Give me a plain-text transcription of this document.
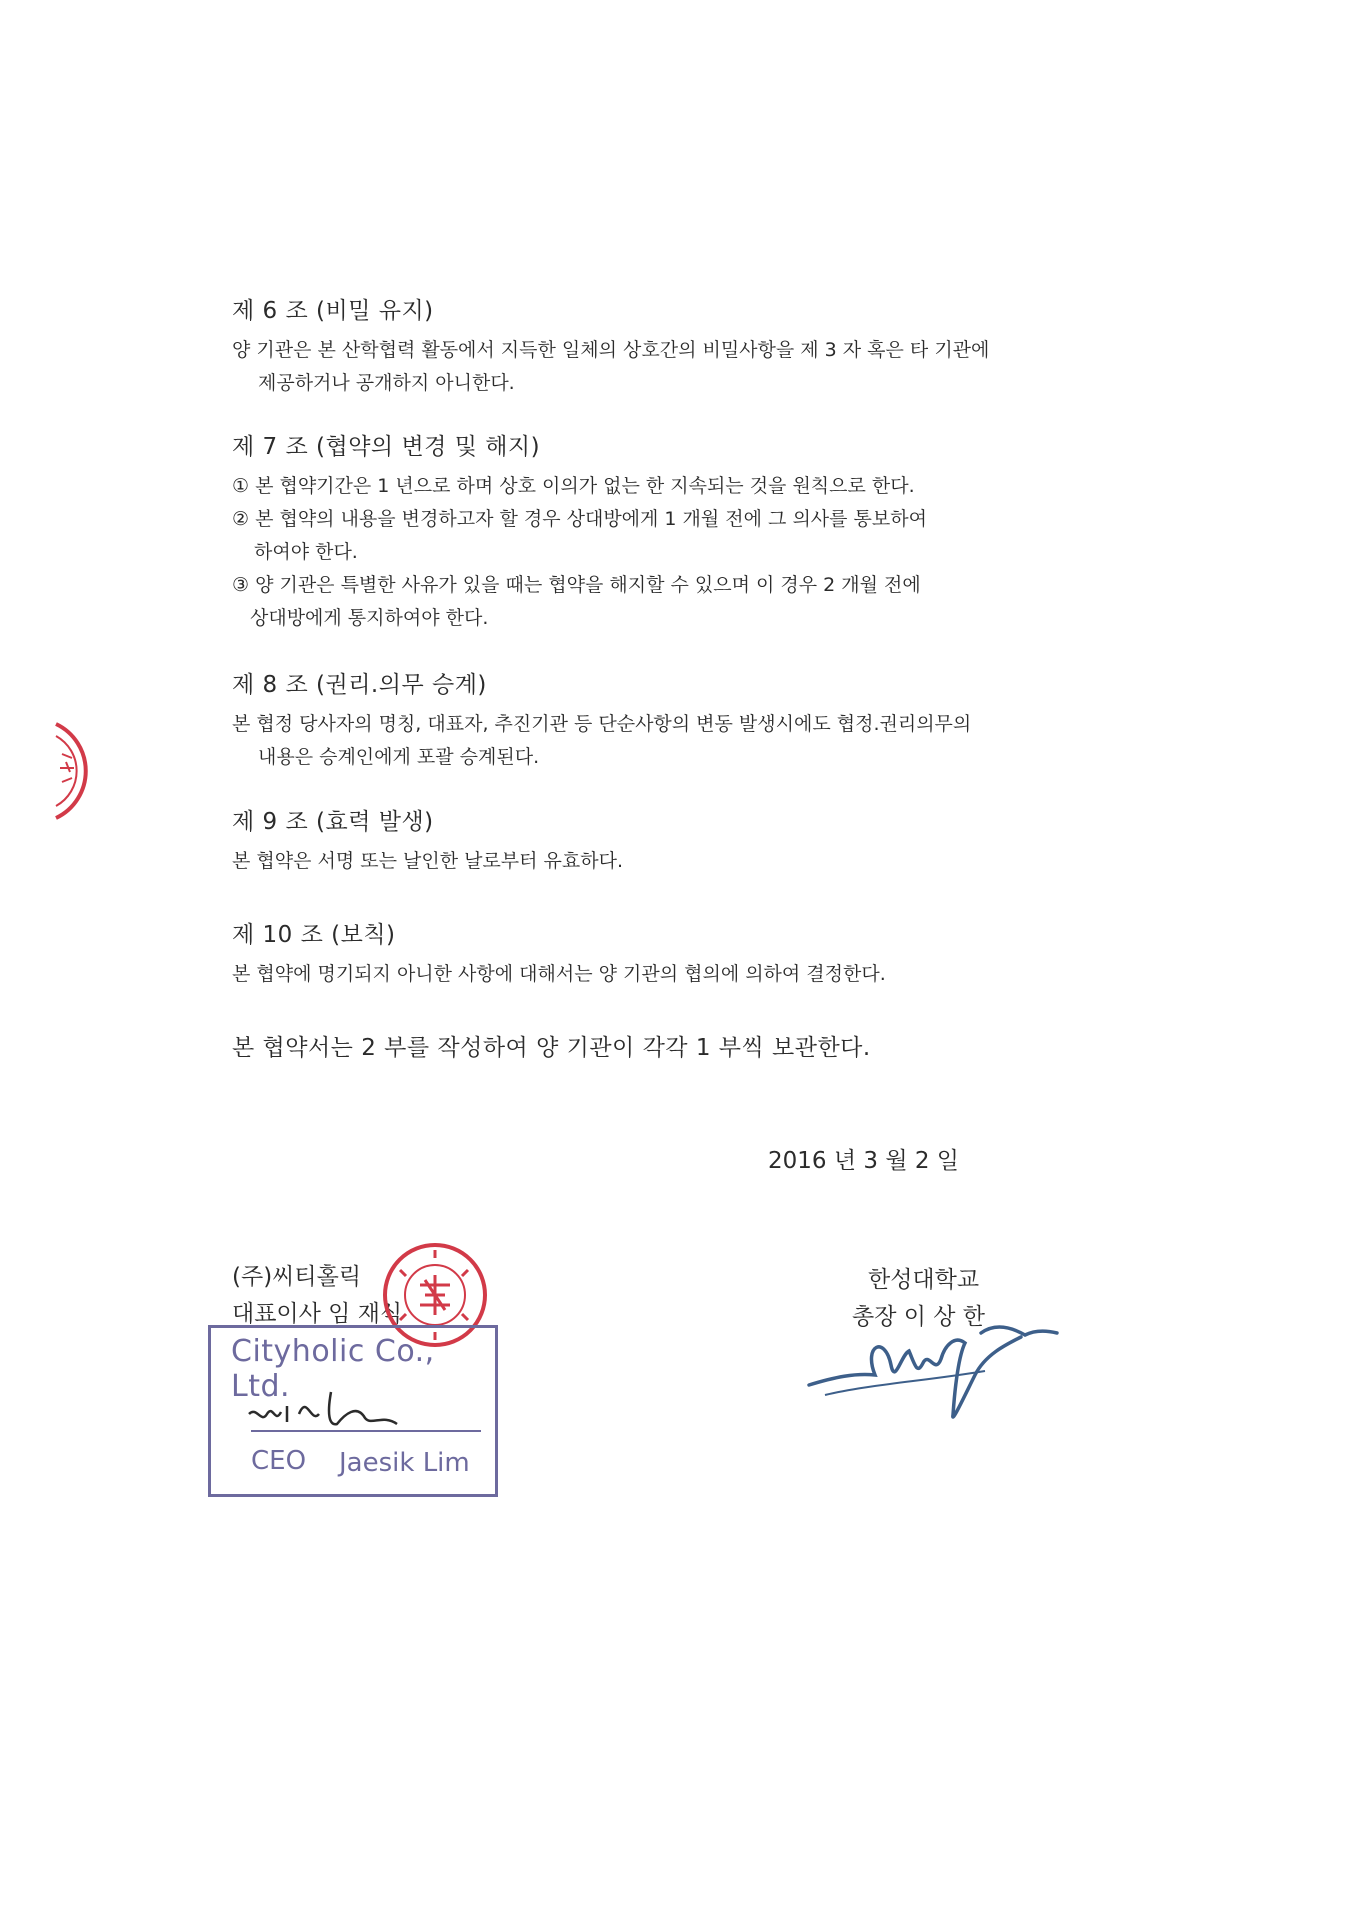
제 6 조 (비밀 유지)
양 기관은 본 산학협력 활동에서 지득한 일체의 상호간의 비밀사항을 제 3 자 혹은 타 기관에
제공하거나 공개하지 아니한다.
제 7 조 (협약의 변경 및 해지)
① 본 협약기간은 1 년으로 하며 상호 이의가 없는 한 지속되는 것을 원칙으로 한다.
② 본 협약의 내용을 변경하고자 할 경우 상대방에게 1 개월 전에 그 의사를 통보하여
하여야 한다.
③ 양 기관은 특별한 사유가 있을 때는 협약을 해지할 수 있으며 이 경우 2 개월 전에
상대방에게 통지하여야 한다.
제 8 조 (권리.의무 승계)
본 협정 당사자의 명칭, 대표자, 추진기관 등 단순사항의 변동 발생시에도 협정.권리의무의
내용은 승계인에게 포괄 승계된다.
제 9 조 (효력 발생)
본 협약은 서명 또는 날인한 날로부터 유효하다.
제 10 조 (보칙)
본 협약에 명기되지 아니한 사항에 대해서는 양 기관의 협의에 의하여 결정한다.
본 협약서는 2 부를 작성하여 양 기관이 각각 1 부씩 보관한다.
2016 년 3 월 2 일
(주)씨티홀릭
대표이사 임 재식
Cityholic Co., Ltd.
CEO Jaesik Lim
한성대학교
총장 이 상 한
